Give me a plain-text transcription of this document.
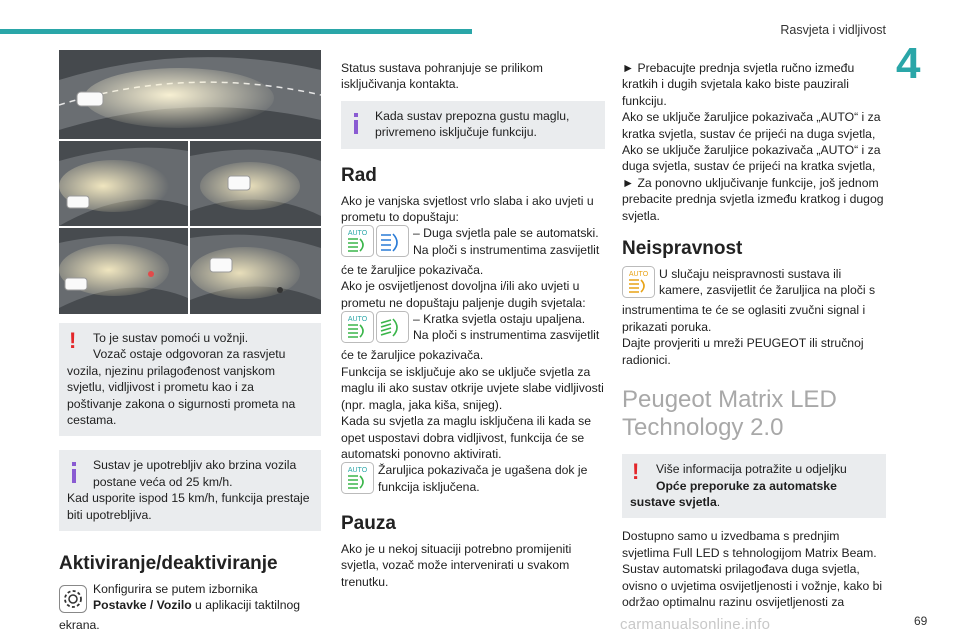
Rasvjeta i vidljivost
4
!	To je sustav pomoći u vožnji.

Vozač ostaje odgovoran za rasvjetu vozila, njezinu prilagođenost vanjskom svjetlu, vidljivost i prometu kao i za poštivanje zakona o sigurnosti prometa na cestama.

Sustav je upotrebljiv ako brzina vozila

postane veća od 25 km/h.

Kad usporite ispod 15 km/h, funkcija prestaje biti upotrebljiva.

Aktiviranje/deaktiviranje

Konfigurira se putem izbornika

Postavke / Vozilo u aplikaciji taktilnog

ekrana.

Status sustava pohranjuje se prilikom isključivanja kontakta.

Kada sustav prepozna gustu maglu, privremeno isključuje funkciju.

Rad

Ako je vanjska svjetlost vrlo slaba i ako uvjeti u prometu to dopuštaju:

AUTO	– Duga svjetla pale se automatski.

Na ploči s instrumentima zasvijetlit

će te žaruljice pokazivača.

Ako je osvijetljenost dovoljna i/ili ako uvjeti u prometu ne dopuštaju paljenje dugih svjetala:

AUTO	– Kratka svjetla ostaju upaljena.

Na ploči s instrumentima zasvijetlit

će te žaruljice pokazivača.

Funkcija se isključuje ako se uključe svjetla za maglu ili ako sustav otkrije uvjete slabe vidljivosti (npr. magla, jaka kiša, snijeg).

Kada su svjetla za maglu isključena ili kada se opet uspostavi dobra vidljivost, funkcija će se automatski ponovno aktivirati.

AUTO Žaruljica pokazivača je ugašena dok je

funkcija isključena.

Pauza

Ako je u nekoj situaciji potrebno promijeniti svjetla, vozač može intervenirati u svakom trenutku.

► Prebacujte prednja svjetla ručno između kratkih i dugih svjetala kako biste pauzirali funkciju.

Ako se uključe žaruljice pokazivača „AUTO“ i za kratka svjetla, sustav će prijeći na duga svjetla,

Ako se uključe žaruljice pokazivača „AUTO“ i za duga svjetla, sustav će prijeći na kratka svjetla,

► Za ponovno uključivanje funkcije, još jednom prebacite prednja svjetla između kratkog i dugog svjetla.

Neispravnost
AUTO U slučaju neispravnosti sustava ili

kamere, zasvijetlit će žaruljica na ploči s

instrumentima te će se oglasiti zvučni signal i prikazati poruka.

Dajte provjeriti u mreži PEUGEOT ili stručnoj radionici.

Peugeot Matrix LED
Technology 2.0
!	Više informacija potražite u odjeljku

Opće preporuke za automatske sustave svjetla.

Dostupno samo u izvedbama s prednjim svjetlima Full LED s tehnologijom Matrix Beam.

Sustav automatski prilagođava duga svjetla, ovisno o uvjetima osvijetljenosti i vožnje, kako bi održao optimalnu razinu osvijetljenosti za

carmanualsonline.info	69
